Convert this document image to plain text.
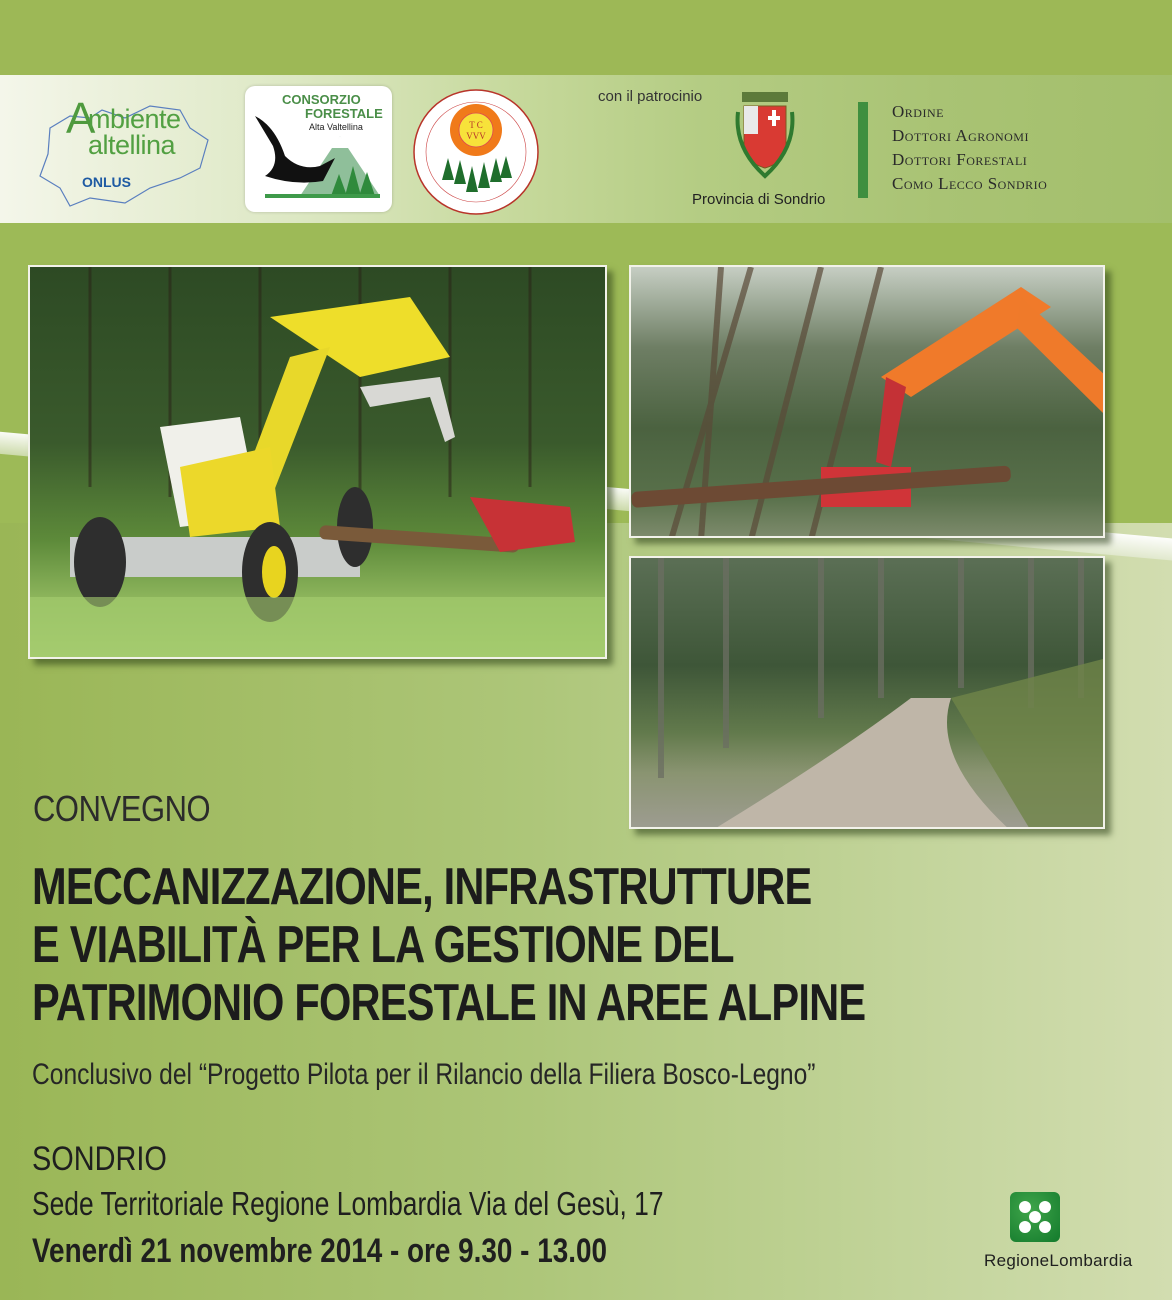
A
mbiente
altellina
ONLUS
CONSORZIO
FORESTALE
Alta Valtellina	T C
VVV
con il patrocinio
Provincia di Sondrio
Ordine
Dottori Agronomi
Dottori Forestali
Como Lecco Sondrio
CONVEGNO
MECCANIZZAZIONE, INFRASTRUTTURE
E VIABILITÀ PER LA GESTIONE DEL
PATRIMONIO FORESTALE IN AREE ALPINE
Conclusivo del “Progetto Pilota per il Rilancio della Filiera Bosco-Legno”
SONDRIO
Sede Territoriale Regione Lombardia Via del Gesù, 17
Venerdì 21 novembre 2014 - ore 9.30 - 13.00	RegioneLombardia
